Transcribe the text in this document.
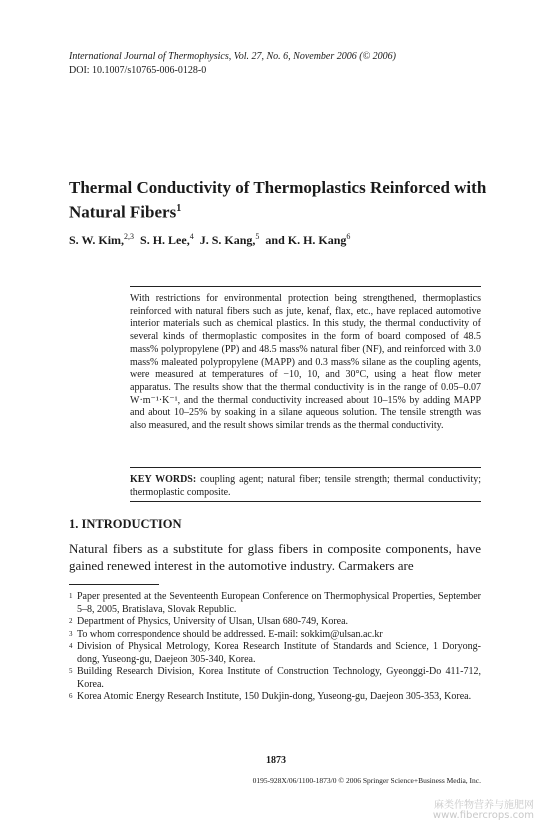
International Journal of Thermophysics, Vol. 27, No. 6, November 2006 (© 2006)
DOI: 10.1007/s10765-006-0128-0
Thermal Conductivity of Thermoplastics Reinforced with Natural Fibers$^1$
S. W. Kim,$^{2,3}$ S. H. Lee,$^4$ J. S. Kang,$^5$ and K. H. Kang$^6$
With restrictions for environmental protection being strengthened, thermoplastics reinforced with natural fibers such as jute, kenaf, flax, etc., have replaced automotive interior materials such as chemical plastics. In this study, the thermal conductivity of several kinds of thermoplastic composites in the form of board composed of 48.5 mass% polypropylene (PP) and 48.5 mass% natural fiber (NF), and reinforced with 3.0 mass% maleated polypropylene (MAPP) and 0.3 mass% silane as the coupling agents, were measured at temperatures of −10, 10, and 30°C, using a heat flow meter apparatus. The results show that the thermal conductivity is in the range of 0.05–0.07 W·m⁻¹·K⁻¹, and the thermal conductivity increased about 10–15% by adding MAPP and about 10–25% by soaking in a silane aqueous solution. The tensile strength was also measured, and the result shows similar trends as the thermal conductivity.
KEY WORDS: coupling agent; natural fiber; tensile strength; thermal conductivity; thermoplastic composite.
1. INTRODUCTION
Natural fibers as a substitute for glass fibers in composite components, have gained renewed interest in the automotive industry. Carmakers are
1 Paper presented at the Seventeenth European Conference on Thermophysical Properties, September 5–8, 2005, Bratislava, Slovak Republic.
2 Department of Physics, University of Ulsan, Ulsan 680-749, Korea.
3 To whom correspondence should be addressed. E-mail: sokkim@ulsan.ac.kr
4 Division of Physical Metrology, Korea Research Institute of Standards and Science, 1 Doryong-dong, Yuseong-gu, Daejeon 305-340, Korea.
5 Building Research Division, Korea Institute of Construction Technology, Gyeonggi-Do 411-712, Korea.
6 Korea Atomic Energy Research Institute, 150 Dukjin-dong, Yuseong-gu, Daejeon 305-353, Korea.
1873
0195-928X/06/1100-1873/0 © 2006 Springer Science+Business Media, Inc.
麻类作物营养与施肥网
www.fibercrops.com
